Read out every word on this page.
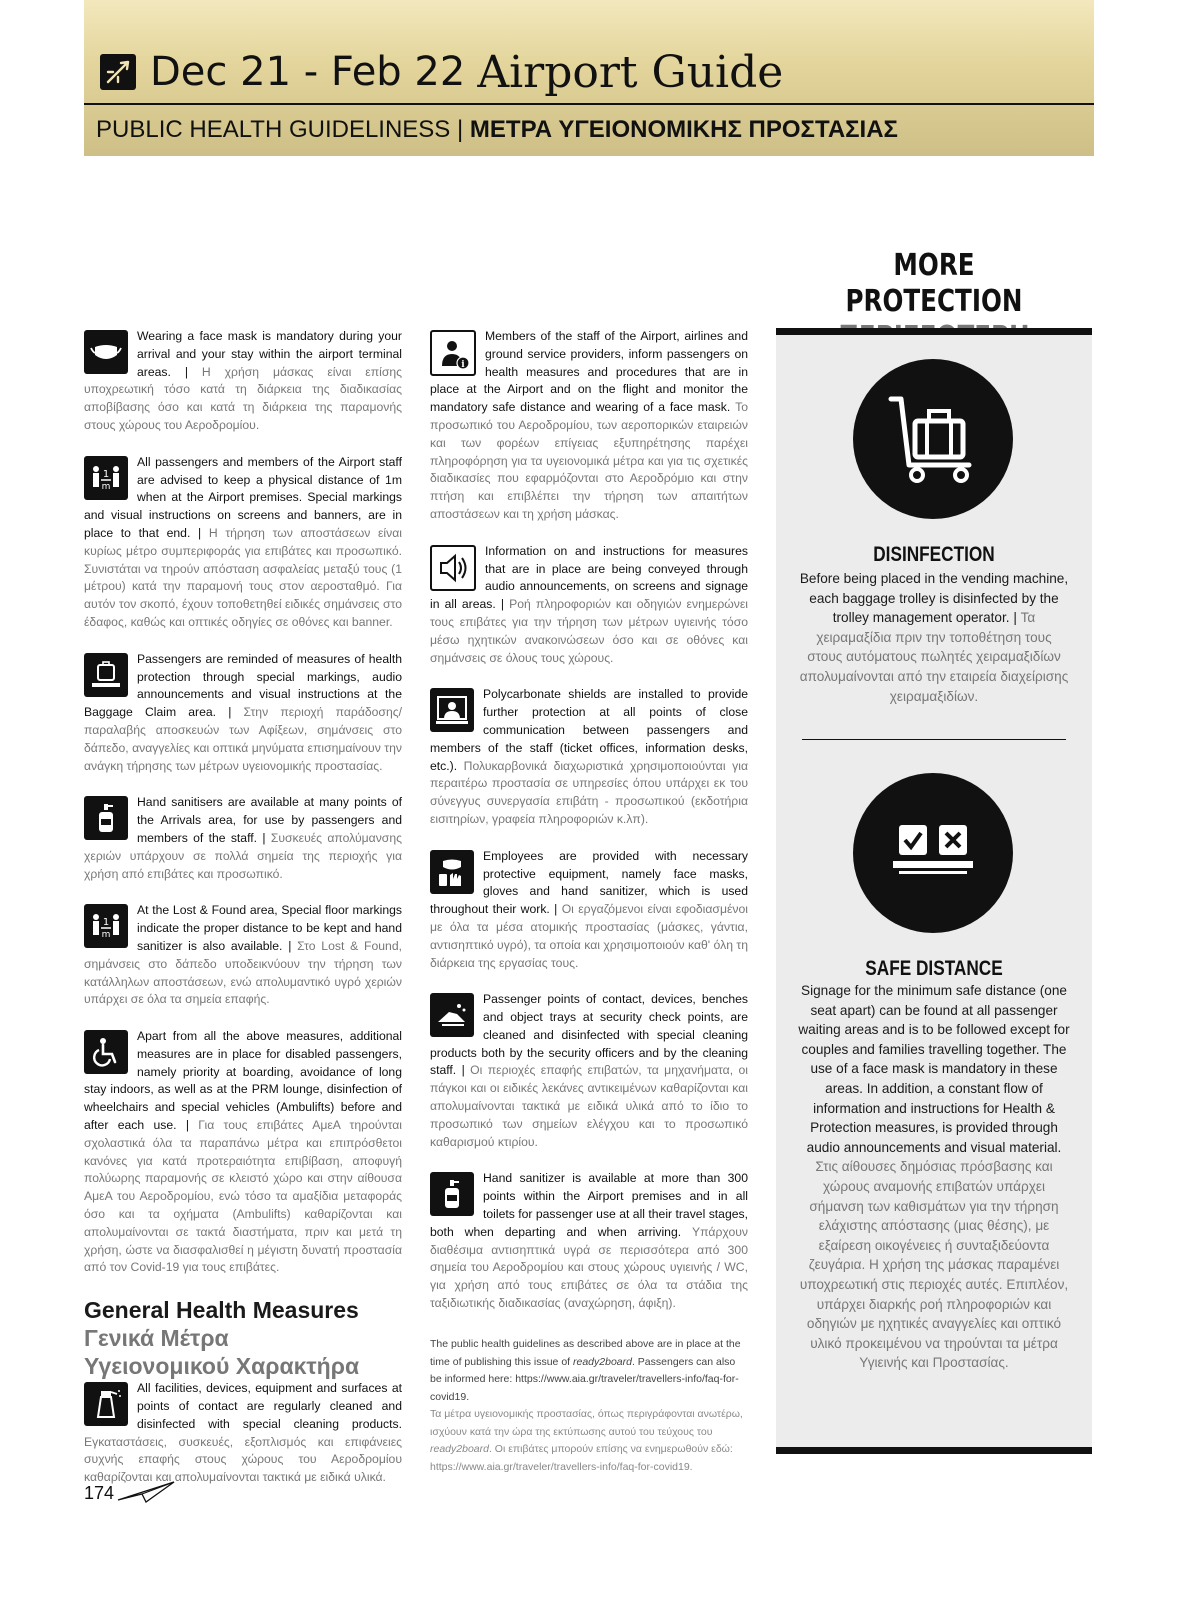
Dec 21 - Feb 22 Airport Guide
PUBLIC HEALTH GUIDELINESS | ΜΕΤΡΑ ΥΓΕΙΟΝΟΜΙΚΗΣ ΠΡΟΣΤΑΣΙΑΣ
Wearing a face mask is mandatory during your arrival and your stay within the airport terminal areas. | Η χρήση μάσκας είναι επίσης υποχρεωτική τόσο κατά τη διάρκεια της διαδικασίας αποβίβασης όσο και κατά τη διάρκεια της παραμονής στους χώρους του Αεροδρομίου.
1
m
All passengers and members of the Airport staff are advised to keep a physical distance of 1m when at the Airport premises. Special markings and visual instructions on screens and banners, are in place to that end. | Η τήρηση των αποστάσεων είναι κυρίως μέτρο συμπεριφοράς για επιβάτες και προσωπικό. Συνιστάται να τηρούν απόσταση ασφαλείας μεταξύ τους (1 μέτρου) κατά την παραμονή τους στον αεροσταθμό. Για αυτόν τον σκοπό, έχουν τοποθετηθεί ειδικές σημάνσεις στο έδαφος, καθώς και οπτικές οδηγίες σε οθόνες και banner.
Passengers are reminded of measures of health protection through special markings, audio announcements and visual instructions at the Baggage Claim area. | Στην περιοχή παράδοσης/ παραλαβής αποσκευών των Αφίξεων, σημάνσεις στο δάπεδο, αναγγελίες και οπτικά μηνύματα επισημαίνουν την ανάγκη τήρησης των μέτρων υγειονομικής προστασίας.
Hand sanitisers are available at many points of the Arrivals area, for use by passengers and members of the staff. | Συσκευές απολύμανσης χεριών υπάρχουν σε πολλά σημεία της περιοχής για χρήση από επιβάτες και προσωπικό.
1
m
At the Lost & Found area, Special floor markings indicate the proper distance to be kept and hand sanitizer is also available. | Στο Lost & Found, σημάνσεις στο δάπεδο υποδεικνύουν την τήρηση των κατάλληλων αποστάσεων, ενώ απολυμαντικό υγρό χεριών υπάρχει σε όλα τα σημεία επαφής.
Apart from all the above measures, additional measures are in place for disabled passengers, namely priority at boarding, avoidance of long stay indoors, as well as at the PRM lounge, disinfection of wheelchairs and special vehicles (Ambulifts) before and after each use. | Για τους επιβάτες ΑμεΑ τηρούνται σχολαστικά όλα τα παραπάνω μέτρα και επιπρόσθετοι κανόνες για κατά προτεραιότητα επιβίβαση, αποφυγή πολύωρης παραμονής σε κλειστό χώρο και στην αίθουσα ΑμεΑ του Αεροδρομίου, ενώ τόσο τα αμαξίδια μεταφοράς όσο και τα οχήματα (Ambulifts) καθαρίζονται και απολυμαίνονται σε τακτά διαστήματα, πριν και μετά τη χρήση, ώστε να διασφαλισθεί η μέγιστη δυνατή προστασία από τον Covid-19 για τους επιβάτες.
General Health Measures
Γενικά Μέτρα
Υγειονομικού Χαρακτήρα
All facilities, devices, equipment and surfaces at points of contact are regularly cleaned and disinfected with special cleaning products. Εγκαταστάσεις, συσκευές, εξοπλισμός και επιφάνειες συχνής επαφής στους χώρους του Αεροδρομίου καθαρίζονται και απολυμαίνονται τακτικά με ειδικά υλικά.
i
Members of the staff of the Airport, airlines and ground service providers, inform passengers on health measures and procedures that are in place at the Airport and on the flight and monitor the mandatory safe distance and wearing of a face mask. Το προσωπικό του Αεροδρομίου, των αεροπορικών εταιρειών και των φορέων επίγειας εξυπηρέτησης παρέχει πληροφόρηση για τα υγειονομικά μέτρα και για τις σχετικές διαδικασίες που εφαρμόζονται στο Αεροδρόμιο και στην πτήση και επιβλέπει την τήρηση των απαιτήτων αποστάσεων και τη χρήση μάσκας.
Information on and instructions for measures that are in place are being conveyed through audio announcements, on screens and signage in all areas. | Ροή πληροφοριών και οδηγιών ενημερώνει τους επιβάτες για την τήρηση των μέτρων υγιεινής τόσο μέσω ηχητικών ανακοινώσεων όσο και σε οθόνες και σημάνσεις σε όλους τους χώρους.
Polycarbonate shields are installed to provide further protection at all points of close communication between passengers and members of the staff (ticket offices, information desks, etc.). Πολυκαρβονικά διαχωριστικά χρησιμοποιούνται για περαιτέρω προστασία σε υπηρεσίες όπου υπάρχει εκ του σύνεγγυς συνεργασία επιβάτη - προσωπικού (εκδοτήρια εισιτηρίων, γραφεία πληροφοριών κ.λπ).
Employees are provided with necessary protective equipment, namely face masks, gloves and hand sanitizer, which is used throughout their work. | Οι εργαζόμενοι είναι εφοδιασμένοι με όλα τα μέσα ατομικής προστασίας (μάσκες, γάντια, αντισηπτικό υγρό), τα οποία και χρησιμοποιούν καθ' όλη τη διάρκεια της εργασίας τους.
Passenger points of contact, devices, benches and object trays at security check points, are cleaned and disinfected with special cleaning products both by the security officers and by the cleaning staff. | Οι περιοχές επαφής επιβατών, τα μηχανήματα, οι πάγκοι και οι ειδικές λεκάνες αντικειμένων καθαρίζονται και απολυμαίνονται τακτικά με ειδικά υλικά από το ίδιο το προσωπικό των σημείων ελέγχου και το προσωπικό καθαρισμού κτιρίου.
Hand sanitizer is available at more than 300 points within the Airport premises and in all toilets for passenger use at all their travel stages, both when departing and when arriving. Υπάρχουν διαθέσιμα αντισηπτικά υγρά σε περισσότερα από 300 σημεία του Αεροδρομίου και στους χώρους υγιεινής / WC, για χρήση από τους επιβάτες σε όλα τα στάδια της ταξιδιωτικής διαδικασίας (αναχώρηση, άφιξη).
The public health guidelines as described above are in place at the time of publishing this issue of ready2board. Passengers can also be informed here: https://www.aia.gr/traveler/travellers-info/faq-for-covid19.
Τα μέτρα υγειονομικής προστασίας, όπως περιγράφονται ανωτέρω, ισχύουν κατά την ώρα της εκτύπωσης αυτού του τεύχους του ready2board. Οι επιβάτες μπορούν επίσης να ενημερωθούν εδώ: https://www.aia.gr/traveler/travellers-info/faq-for-covid19.
174
MORE PROTECTION
DISINFECTION
Before being placed in the vending machine, each baggage trolley is disinfected by the trolley management operator. | Τα χειραμαξίδια πριν την τοποθέτηση τους στους αυτόματους πωλητές χειραμαξιδίων απολυμαίνονται από την εταιρεία διαχείρισης χειραμαξιδίων.
SAFE DISTANCE
Signage for the minimum safe distance (one seat apart) can be found at all passenger waiting areas and is to be followed except for couples and families travelling together. The use of a face mask is mandatory in these areas. In addition, a constant flow of information and instructions for Health & Protection measures, is provided through audio announcements and visual material.
Στις αίθουσες δημόσιας πρόσβασης και χώρους αναμονής επιβατών υπάρχει σήμανση των καθισμάτων για την τήρηση ελάχιστης απόστασης (μιας θέσης), με εξαίρεση οικογένειες ή συνταξιδεύοντα ζευγάρια. Η χρήση της μάσκας παραμένει υποχρεωτική στις περιοχές αυτές. Επιπλέον, υπάρχει διαρκής ροή πληροφοριών και οδηγιών με ηχητικές αναγγελίες και οπτικό υλικό προκειμένου να τηρούνται τα μέτρα Υγιεινής και Προστασίας.
